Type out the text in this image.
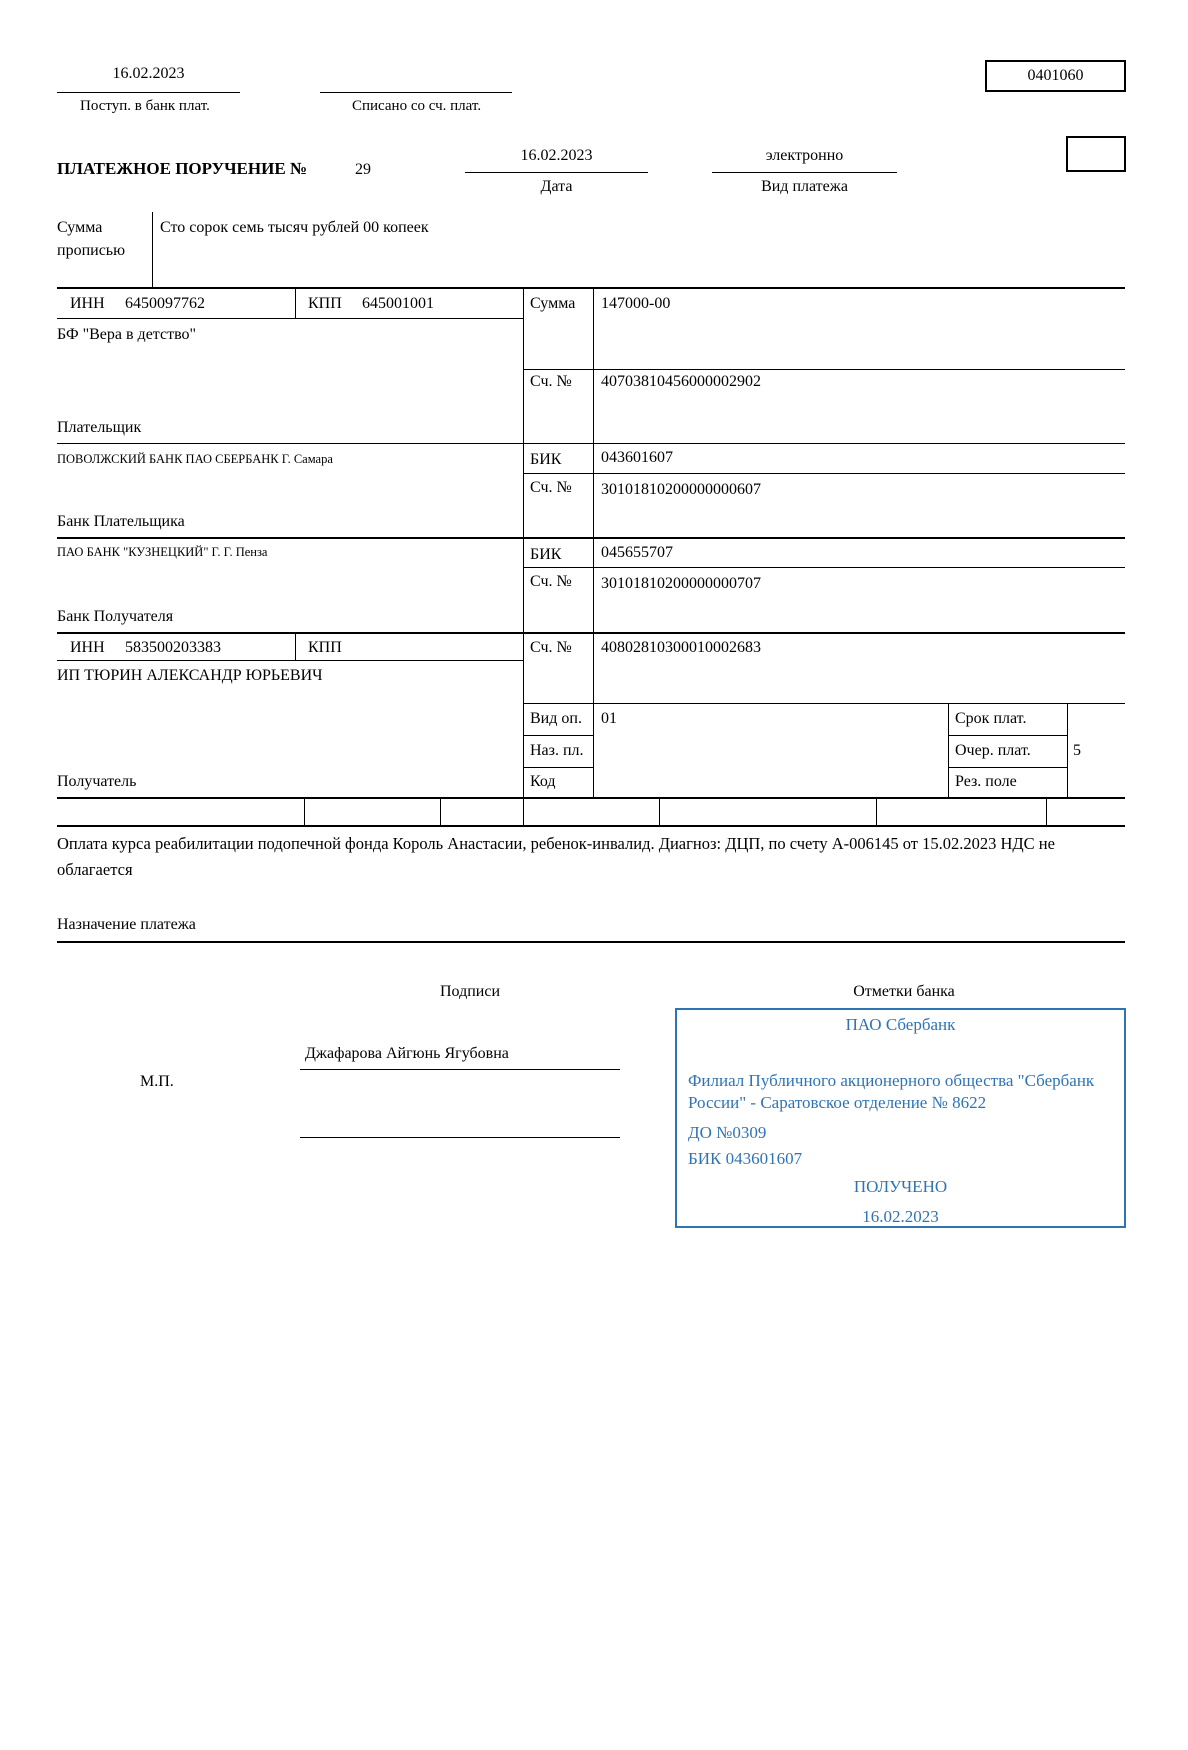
16.02.2023
Поступ. в банк плат.	Списано со сч. плат.
0401060
ПЛАТЕЖНОЕ ПОРУЧЕНИЕ №	29
16.02.2023
Дата
электронно
Вид платежа
Сумма
прописью
Сто сорок семь тысяч рублей 00 копеек
ИНН 6450097762	КПП 645001001	Сумма 147000-00
БФ "Вера в детство"
Сч. № 40703810456000002902
Плательщик
ПОВОЛЖСКИЙ БАНК ПАО СБЕРБАНК Г. Самара	БИК 043601607
Сч. № 30101810200000000607
Банк Плательщика
ПАО БАНК "КУЗНЕЦКИЙ" Г. Г. Пенза	БИК 045655707
Сч. № 30101810200000000707
Банк Получателя
ИНН 583500203383	КПП	Сч. № 40802810300010002683
ИП ТЮРИН АЛЕКСАНДР ЮРЬЕВИЧ
Вид оп. 01	Срок плат.
Наз. пл.	Очер. плат.	5
Код	Рез. поле
Получатель
Оплата курса реабилитации подопечной фонда Король Анастасии, ребенок-инвалид. Диагноз: ДЦП, по счету А-006145 от 15.02.2023 НДС не облагается
Назначение платежа
Подписи	Отметки банка
Джафарова Айгюнь Ягубовна
М.П.
ПАО Сбербанк
Филиал Публичного акционерного общества "Сбербанк России" - Саратовское отделение № 8622
ДО №0309
БИК 043601607
ПОЛУЧЕНО
16.02.2023
